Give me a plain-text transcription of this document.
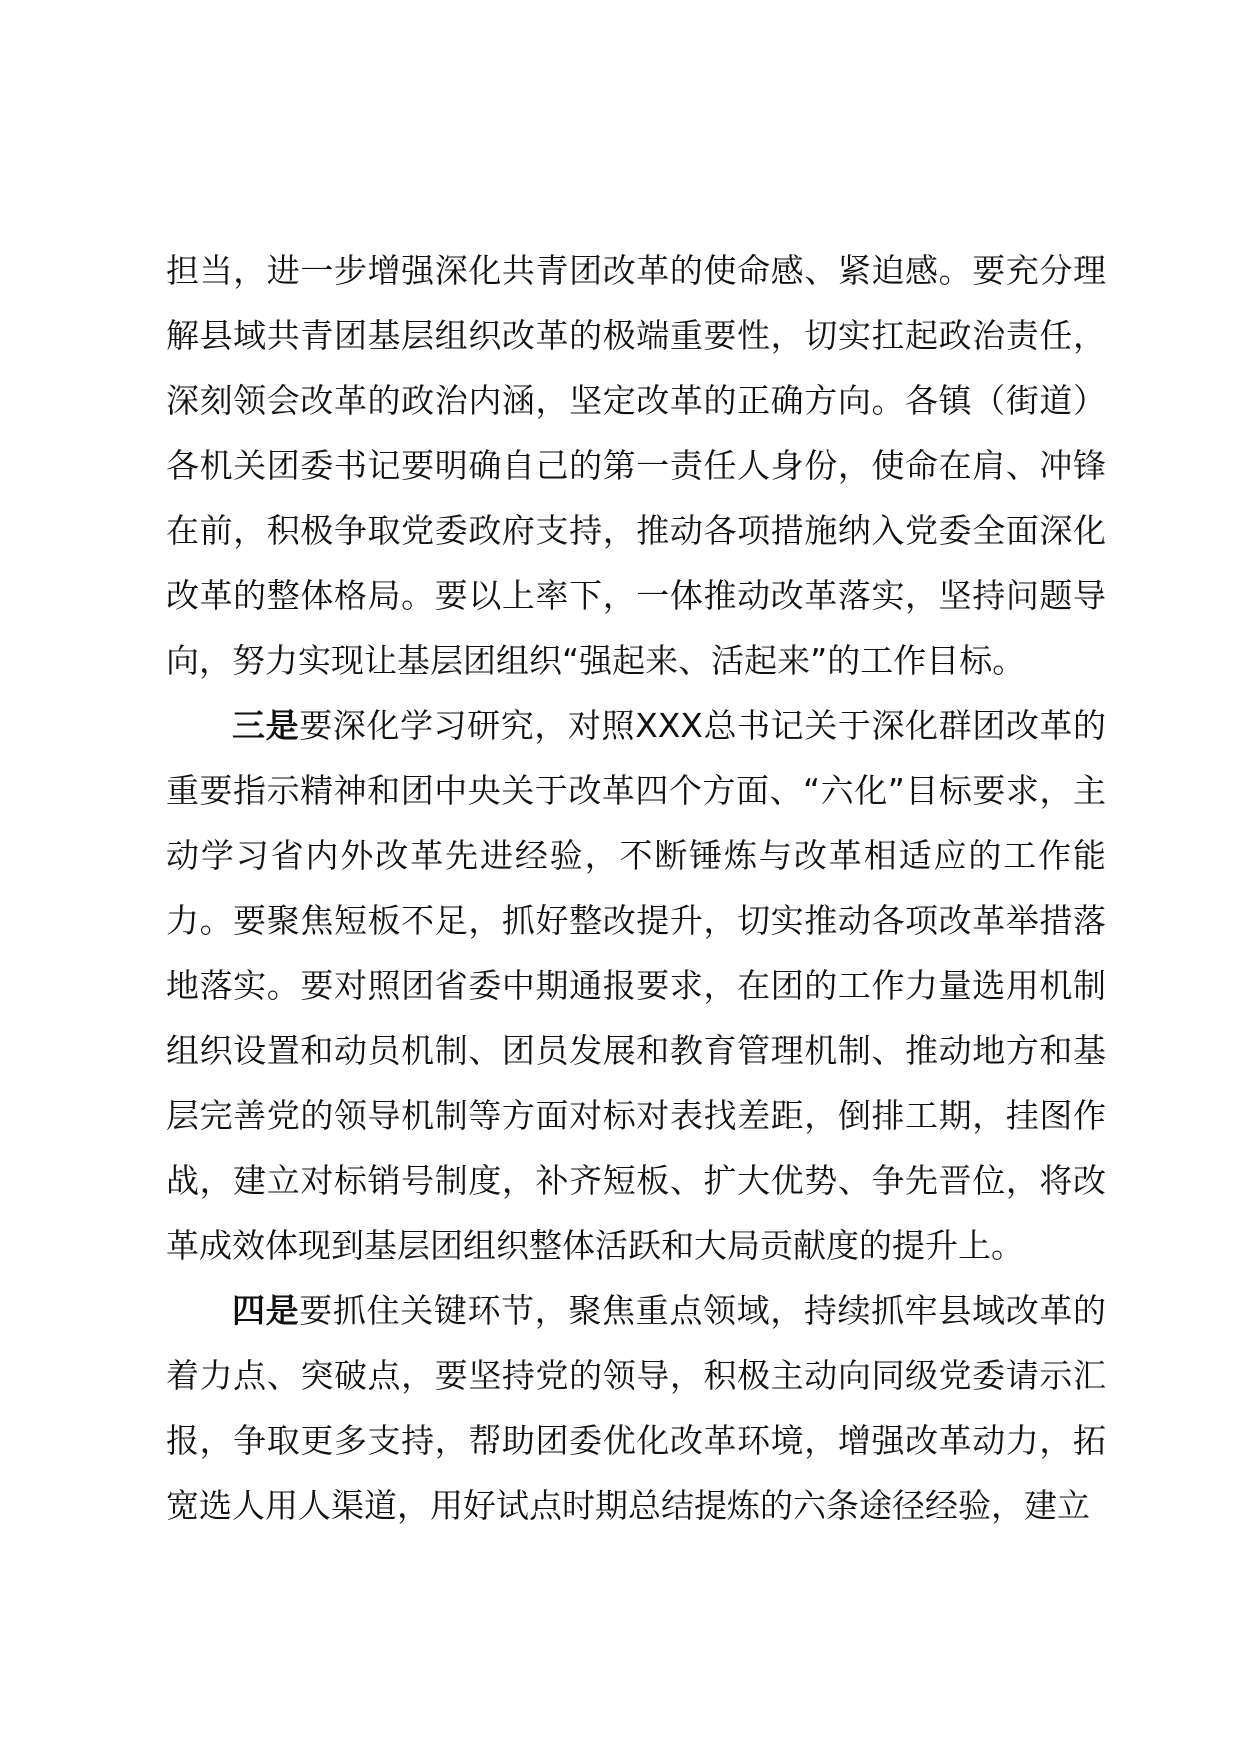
担当，进一步增强深化共青团改革的使命感、紧迫感。要充分理解县域共青团基层组织改革的极端重要性，切实扛起政治责任，深刻领会改革的政治内涵，坚定改革的正确方向。各镇（街道）各机关团委书记要明确自己的第一责任人身份，使命在肩、冲锋在前，积极争取党委政府支持，推动各项措施纳入党委全面深化改革的整体格局。要以上率下，一体推动改革落实，坚持问题导向，努力实现让基层团组织“强起来、活起来”的工作目标。

三是要深化学习研究，对照XXX总书记关于深化群团改革的重要指示精神和团中央关于改革四个方面、“六化”目标要求，主动学习省内外改革先进经验，不断锤炼与改革相适应的工作能力。要聚焦短板不足，抓好整改提升，切实推动各项改革举措落地落实。要对照团省委中期通报要求，在团的工作力量选用机制组织设置和动员机制、团员发展和教育管理机制、推动地方和基层完善党的领导机制等方面对标对表找差距，倒排工期，挂图作战，建立对标销号制度，补齐短板、扩大优势、争先晋位，将改革成效体现到基层团组织整体活跃和大局贡献度的提升上。

四是要抓住关键环节，聚焦重点领域，持续抓牢县域改革的着力点、突破点，要坚持党的领导，积极主动向同级党委请示汇报，争取更多支持，帮助团委优化改革环境，增强改革动力，拓宽选人用人渠道，用好试点时期总结提炼的六条途径经验，建立
